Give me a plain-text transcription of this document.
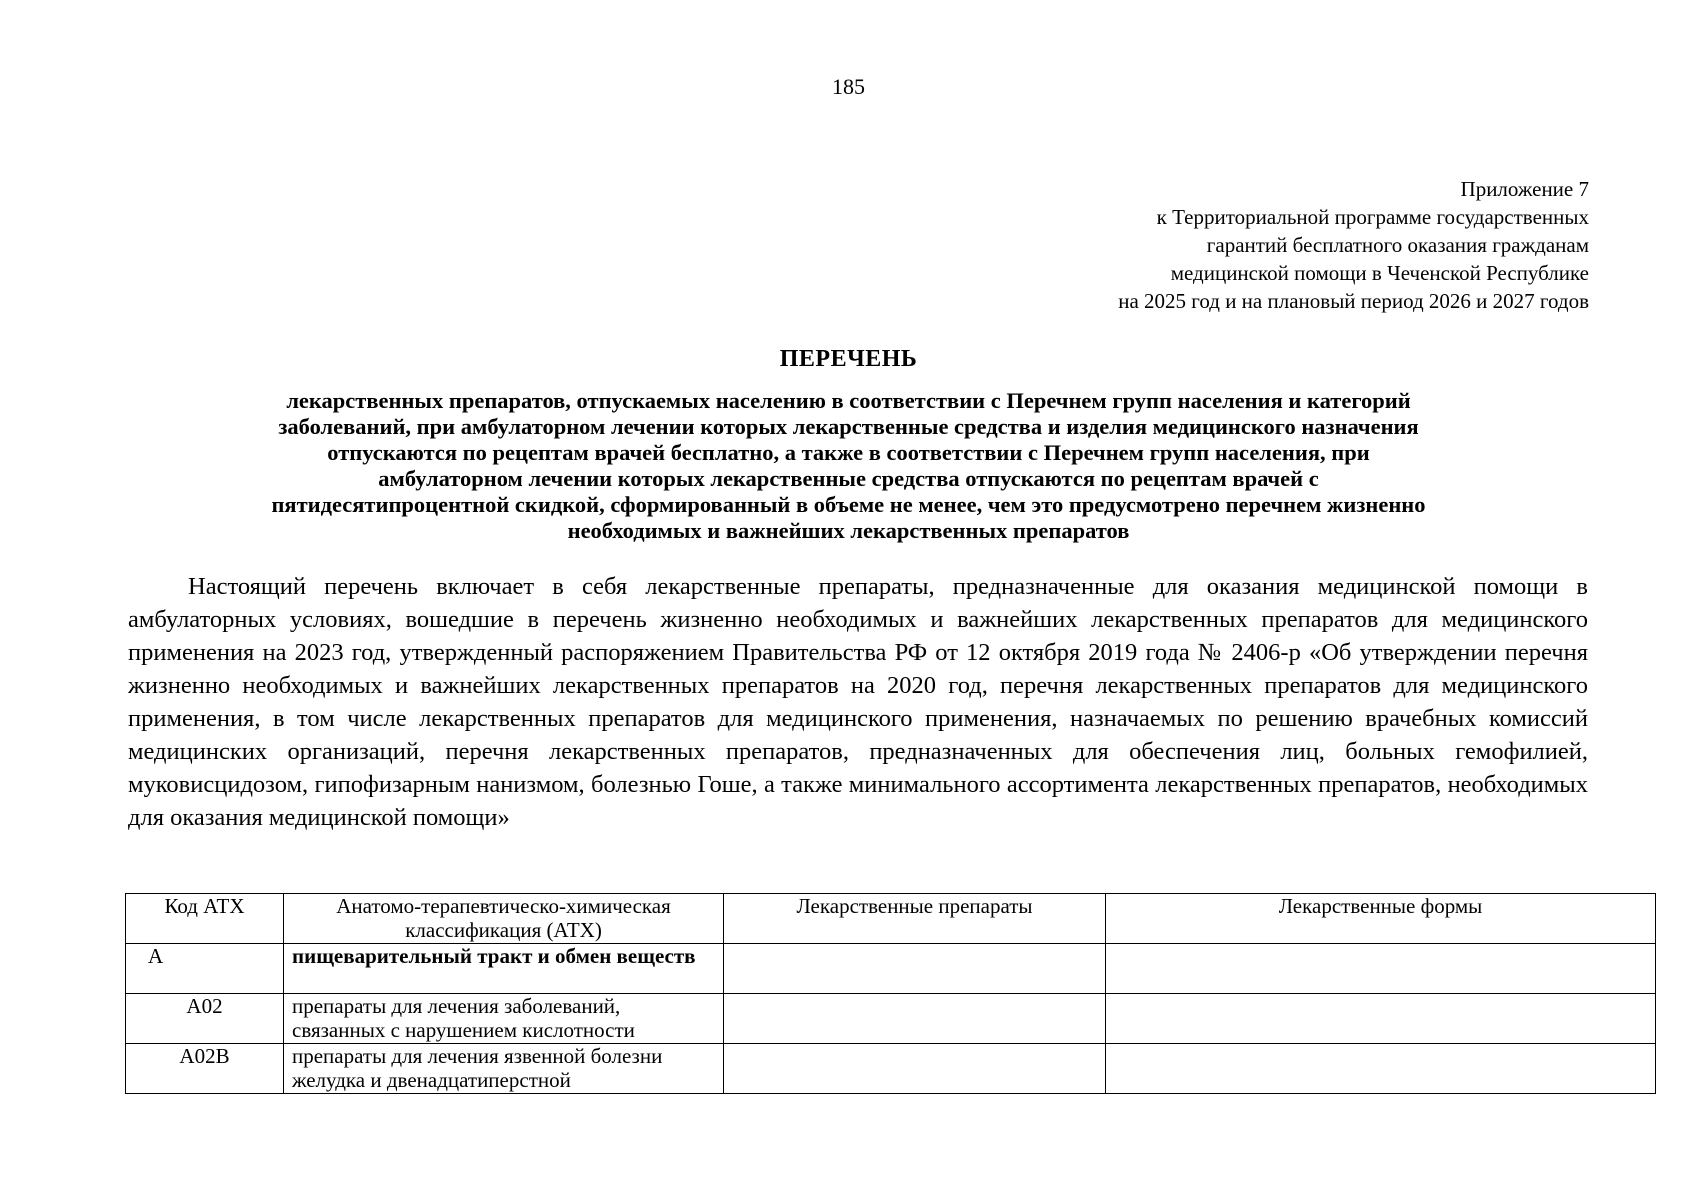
185
Приложение 7
к Территориальной программе государственных
гарантий бесплатного оказания гражданам
медицинской помощи в Чеченской Республике
на 2025 год и на плановый период 2026 и 2027 годов
ПЕРЕЧЕНЬ
лекарственных препаратов, отпускаемых населению в соответствии с Перечнем групп населения и категорий
заболеваний, при амбулаторном лечении которых лекарственные средства и изделия медицинского назначения
отпускаются по рецептам врачей бесплатно, а также в соответствии с Перечнем групп населения, при
амбулаторном лечении которых лекарственные средства отпускаются по рецептам врачей с
пятидесятипроцентной скидкой, сформированный в объеме не менее, чем это предусмотрено перечнем жизненно
необходимых и важнейших лекарственных препаратов

Настоящий перечень включает в себя лекарственные препараты, предназначенные для оказания медицинской помощи в амбулаторных условиях, вошедшие в перечень жизненно необходимых и важнейших лекарственных препаратов для медицинского применения на 2023 год, утвержденный распоряжением Правительства РФ от 12 октября 2019 года № 2406-р «Об утверждении перечня жизненно необходимых и важнейших лекарственных препаратов на 2020 год, перечня лекарственных препаратов для медицинского применения, в том числе лекарственных препаратов для медицинского применения, назначаемых по решению врачебных комиссий медицинских организаций, перечня лекарственных препаратов, предназначенных для обеспечения лиц, больных гемофилией, муковисцидозом, гипофизарным нанизмом, болезнью Гоше, а также минимального ассортимента лекарственных препаратов, необходимых для оказания медицинской помощи»

Код АТХ	Анатомо-терапевтическо-химическая классификация (АТХ)	Лекарственные препараты	Лекарственные формы
A	пищеварительный тракт и обмен веществ		
A02	препараты для лечения заболеваний, связанных с нарушением кислотности		
A02B	препараты для лечения язвенной болезни желудка и двенадцатиперстной		
